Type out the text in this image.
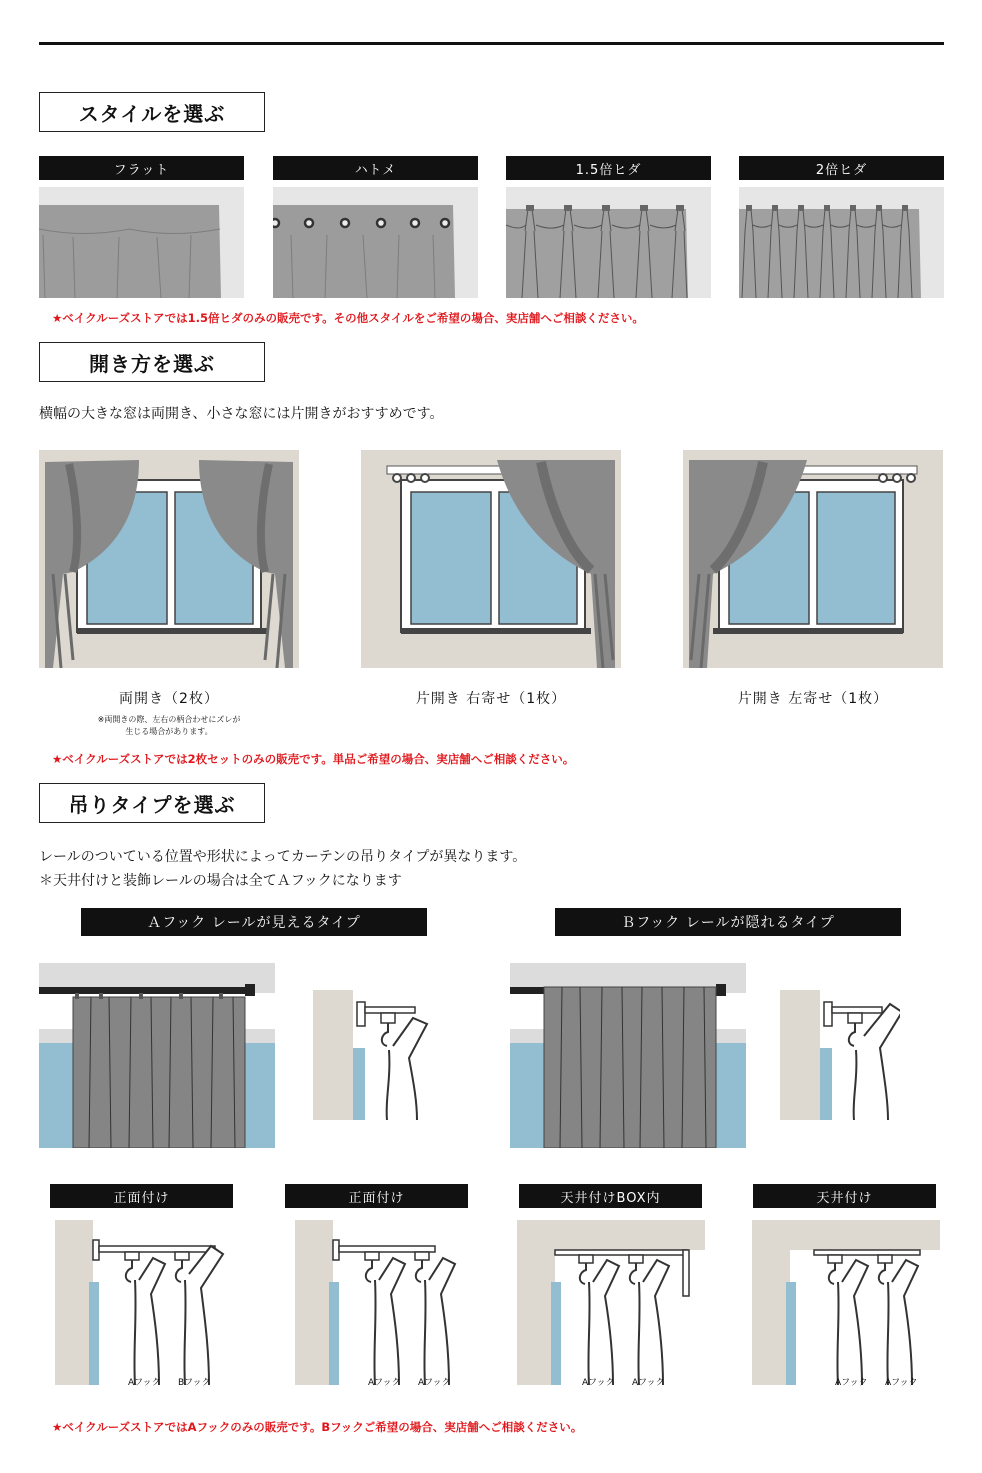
スタイルを選ぶ
フラット	ハトメ	1.5倍ヒダ	2倍ヒダ
★ベイクルーズストアでは1.5倍ヒダのみの販売です。その他スタイルをご希望の場合、実店舗へご相談ください。
開き方を選ぶ
横幅の大きな窓は両開き、小さな窓には片開きがおすすめです。
両開き（2枚）	片開き 右寄せ（1枚）	片開き 左寄せ（1枚）
※両開きの際、左右の柄合わせにズレが
生じる場合があります。
★ベイクルーズストアでは2枚セットのみの販売です。単品ご希望の場合、実店舗へご相談ください。
吊りタイプを選ぶ
レールのついている位置や形状によってカーテンの吊りタイプが異なります。
＊天井付けと装飾レールの場合は全てＡフックになります
Ａフック レールが見えるタイプ	Ｂフック レールが隠れるタイプ
正面付け	正面付け	天井付けBOX内	天井付け
Aフック Bフック	Aフック Aフック	Aフック Aフック	Aフック Aフック
★ベイクルーズストアではAフックのみの販売です。Bフックご希望の場合、実店舗へご相談ください。
